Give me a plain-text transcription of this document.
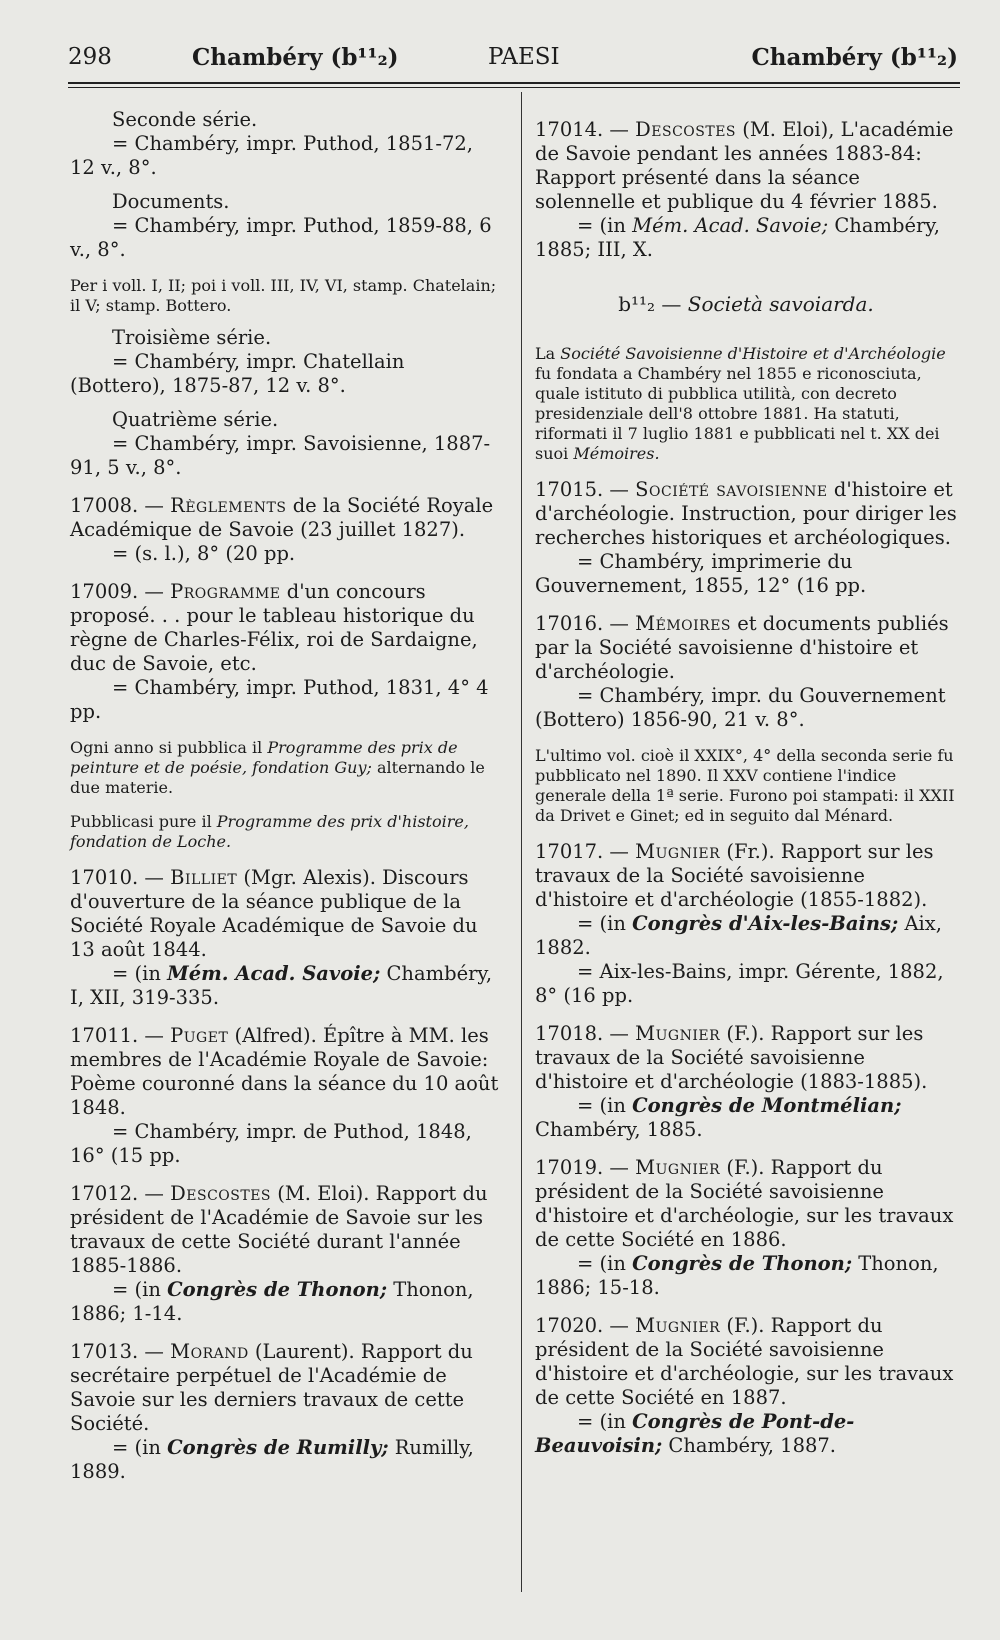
298	Chambéry (b¹¹₂)	PAESI	Chambéry (b¹¹₂)

Seconde série.

= Chambéry, impr. Puthod, 1851-72, 12 v., 8°.

Documents.

= Chambéry, impr. Puthod, 1859-88, 6 v., 8°.

Per i voll. I, II; poi i voll. III, IV, VI, stamp. Chatelain; il V; stamp. Bottero.

Troisième série.

= Chambéry, impr. Chatellain (Bottero), 1875-87, 12 v. 8°.

Quatrième série.

= Chambéry, impr. Savoisienne, 1887-91, 5 v., 8°.

17008. — Règlements de la Société Royale Académique de Savoie (23 juillet 1827).

= (s. l.), 8° (20 pp.

17009. — Programme d'un concours proposé. . . pour le tableau historique du règne de Charles-Félix, roi de Sardaigne, duc de Savoie, etc.

= Chambéry, impr. Puthod, 1831, 4° 4 pp.

Ogni anno si pubblica il Programme des prix de peinture et de poésie, fondation Guy; alternando le due materie.

Pubblicasi pure il Programme des prix d'histoire, fondation de Loche.

17010. — Billiet (Mgr. Alexis). Discours d'ouverture de la séance publique de la Société Royale Académique de Savoie du 13 août 1844.

= (in Mém. Acad. Savoie; Chambéry, I, XII, 319-335.

17011. — Puget (Alfred). Épître à MM. les membres de l'Académie Royale de Savoie: Poème couronné dans la séance du 10 août 1848.

= Chambéry, impr. de Puthod, 1848, 16° (15 pp.

17012. — Descostes (M. Eloi). Rapport du président de l'Académie de Savoie sur les travaux de cette Société durant l'année 1885-1886.

= (in Congrès de Thonon; Thonon, 1886; 1-14.

17013. — Morand (Laurent). Rapport du secrétaire perpétuel de l'Académie de Savoie sur les derniers travaux de cette Société.

= (in Congrès de Rumilly; Rumilly, 1889.

17014. — Descostes (M. Eloi), L'académie de Savoie pendant les années 1883-84: Rapport présenté dans la séance solennelle et publique du 4 février 1885.

= (in Mém. Acad. Savoie; Chambéry, 1885; III, X.

b¹¹₂ — Società savoiarda.

La Société Savoisienne d'Histoire et d'Archéologie fu fondata a Chambéry nel 1855 e riconosciuta, quale istituto di pubblica utilità, con decreto presidenziale dell'8 ottobre 1881. Ha statuti, riformati il 7 luglio 1881 e pubblicati nel t. XX dei suoi Mémoires.

17015. — Société savoisienne d'histoire et d'archéologie. Instruction, pour diriger les recherches historiques et archéologiques.

= Chambéry, imprimerie du Gouvernement, 1855, 12° (16 pp.

17016. — Mémoires et documents publiés par la Société savoisienne d'histoire et d'archéologie.

= Chambéry, impr. du Gouvernement (Bottero) 1856-90, 21 v. 8°.

L'ultimo vol. cioè il XXIX°, 4° della seconda serie fu pubblicato nel 1890. Il XXV contiene l'indice generale della 1ª serie. Furono poi stampati: il XXII da Drivet e Ginet; ed in seguito dal Ménard.

17017. — Mugnier (Fr.). Rapport sur les travaux de la Société savoisienne d'histoire et d'archéologie (1855-1882).

= (in Congrès d'Aix-les-Bains; Aix, 1882.

= Aix-les-Bains, impr. Gérente, 1882, 8° (16 pp.

17018. — Mugnier (F.). Rapport sur les travaux de la Société savoisienne d'histoire et d'archéologie (1883-1885).

= (in Congrès de Montmélian; Chambéry, 1885.

17019. — Mugnier (F.). Rapport du président de la Société savoisienne d'histoire et d'archéologie, sur les travaux de cette Société en 1886.

= (in Congrès de Thonon; Thonon, 1886; 15-18.

17020. — Mugnier (F.). Rapport du président de la Société savoisienne d'histoire et d'archéologie, sur les travaux de cette Société en 1887.

= (in Congrès de Pont-de-Beauvoisin; Chambéry, 1887.
